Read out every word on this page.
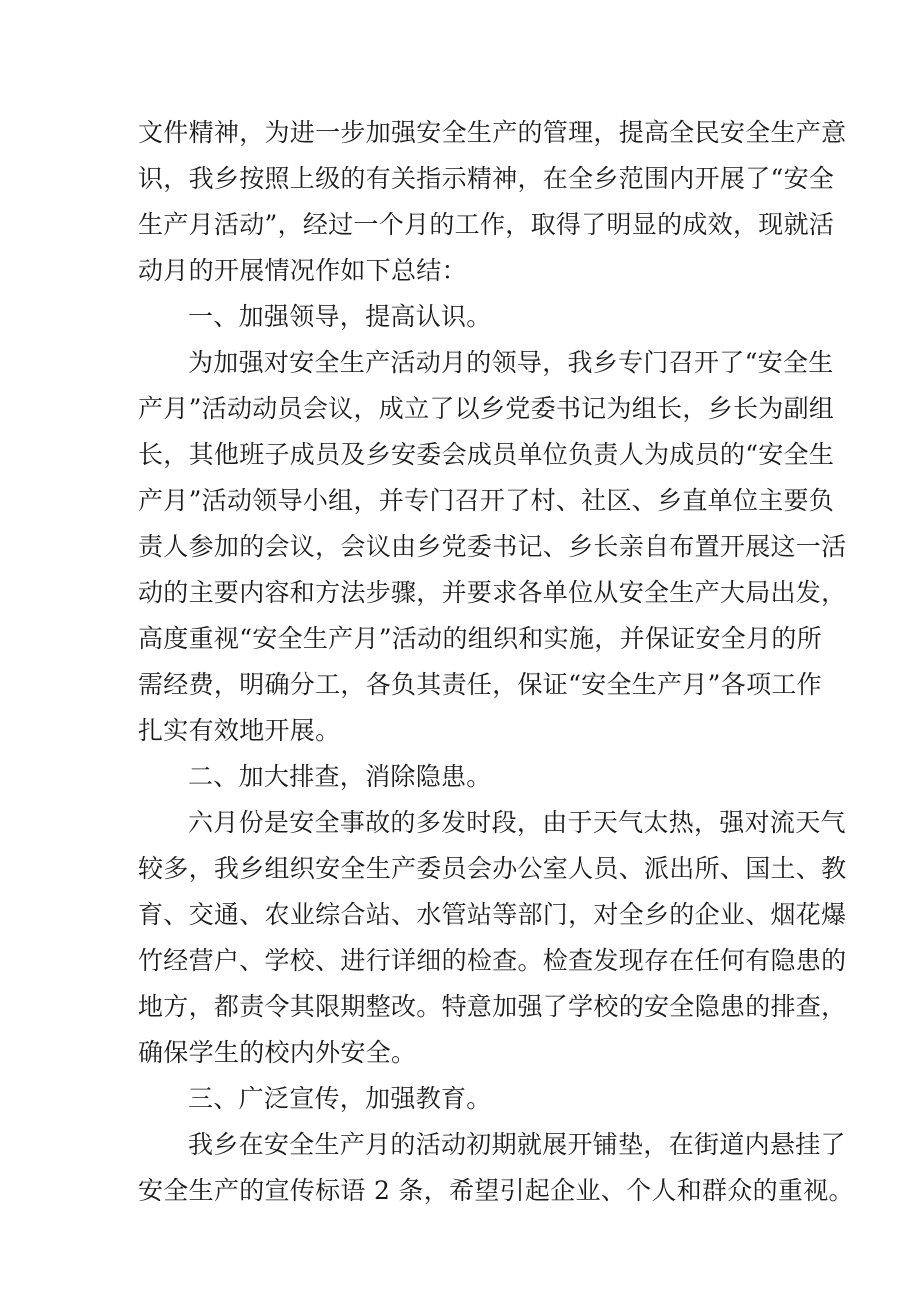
文件精神，为进一步加强安全生产的管理，提高全民安全生产意
识，我乡按照上级的有关指示精神，在全乡范围内开展了“安全
生产月活动”，经过一个月的工作，取得了明显的成效，现就活
动月的开展情况作如下总结：
一、加强领导，提高认识。
为加强对安全生产活动月的领导，我乡专门召开了“安全生
产月”活动动员会议，成立了以乡党委书记为组长，乡长为副组
长，其他班子成员及乡安委会成员单位负责人为成员的“安全生
产月”活动领导小组，并专门召开了村、社区、乡直单位主要负
责人参加的会议，会议由乡党委书记、乡长亲自布置开展这一活
动的主要内容和方法步骤，并要求各单位从安全生产大局出发，
高度重视“安全生产月”活动的组织和实施，并保证安全月的所
需经费，明确分工，各负其责任，保证“安全生产月”各项工作
扎实有效地开展。
二、加大排查，消除隐患。
六月份是安全事故的多发时段，由于天气太热，强对流天气
较多，我乡组织安全生产委员会办公室人员、派出所、国土、教
育、交通、农业综合站、水管站等部门，对全乡的企业、烟花爆
竹经营户、学校、进行详细的检查。检查发现存在任何有隐患的
地方，都责令其限期整改。特意加强了学校的安全隐患的排查，
确保学生的校内外安全。
三、广泛宣传，加强教育。
我乡在安全生产月的活动初期就展开铺垫，在街道内悬挂了
安全生产的宣传标语 2 条，希望引起企业、个人和群众的重视。
